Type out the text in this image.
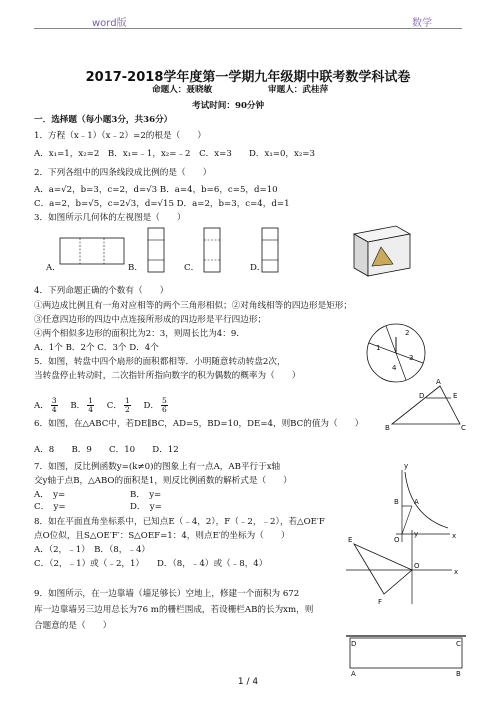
word版	数学
2017-2018学年度第一学期九年级期中联考数学科试卷
命题人：聂晓敏	审题人：武桂萍
考试时间：90分钟
一．选择题（每小题3分，共36分）
1．方程（x﹣1）（x﹣2）=2的根是（　　）
A．x₁=1，x₂=2　B．x₁=﹣1，x₂=﹣2　C．x=3　　D．x₁=0，x₂=3
2．下列各组中的四条线段成比例的是（　　）
A．a=√2，b=3，c=2，d=√3 B．a=4，b=6，c=5，d=10
C．a=2，b=√5，c=2√3，d=√15 D．a=2，b=3，c=4，d=1
3．如图所示几何体的左视图是（　　）
A．	B．	C．	D．
4．下列命题正确的个数有（　　）
①两边成比例且有一角对应相等的两个三角形相似；②对角线相等的四边形是矩形；
③任意四边形的四边中点连接所形成的四边形是平行四边形；
④两个相似多边形的面积比为2：3，则周长比为4：9．
A．1个 B．2个 C．3个 D．4个	1
2
3
4
5．如图，转盘中四个扇形的面积都相等．小明随意转动转盘2次，
当转盘停止转动时，二次指针所指向数字的积为偶数的概率为（　　）
A． $\frac{3}{4}$ B． $\frac{1}{4}$ C． $\frac{1}{2}$ D． $\frac{5}{6}$
6．如图，在△ABC中，若DE∥BC，AD=5，BD=10，DE=4，则BC的值为（　　）
A．8　　B．9　　C．10　　D．12
A
D	E
B	C
7．如图，反比例函数y=(k≠0)的图象上有一点A，AB平行于x轴
交y轴于点B，△ABO的面积是1，则反比例函数的解析式是（　　）
A．　y=	B．　y=
C．　y=	D．　y=
y
x
A
B
O
8．如在平面直角坐标系中，已知点E（﹣4，2），F（﹣2，﹣2），若△OE′F
点O位似，且S△OE′F′：S△OEF=1：4，则点E′的坐标为（　　）
A．（2，﹣1）　B．（8，﹣4）
C．（2，﹣1）或（﹣2，1）　　D．（8，﹣4）或（﹣8，4）
y
x
E
F
O
9．如图所示，在一边靠墙（墙足够长）空地上，修建一个面积为 672
库一边靠墙另三边用总长为76 m的栅栏围成，若设栅栏AB的长为xm，则
合题意的是（　　）
D	C
A	B
1 / 4
